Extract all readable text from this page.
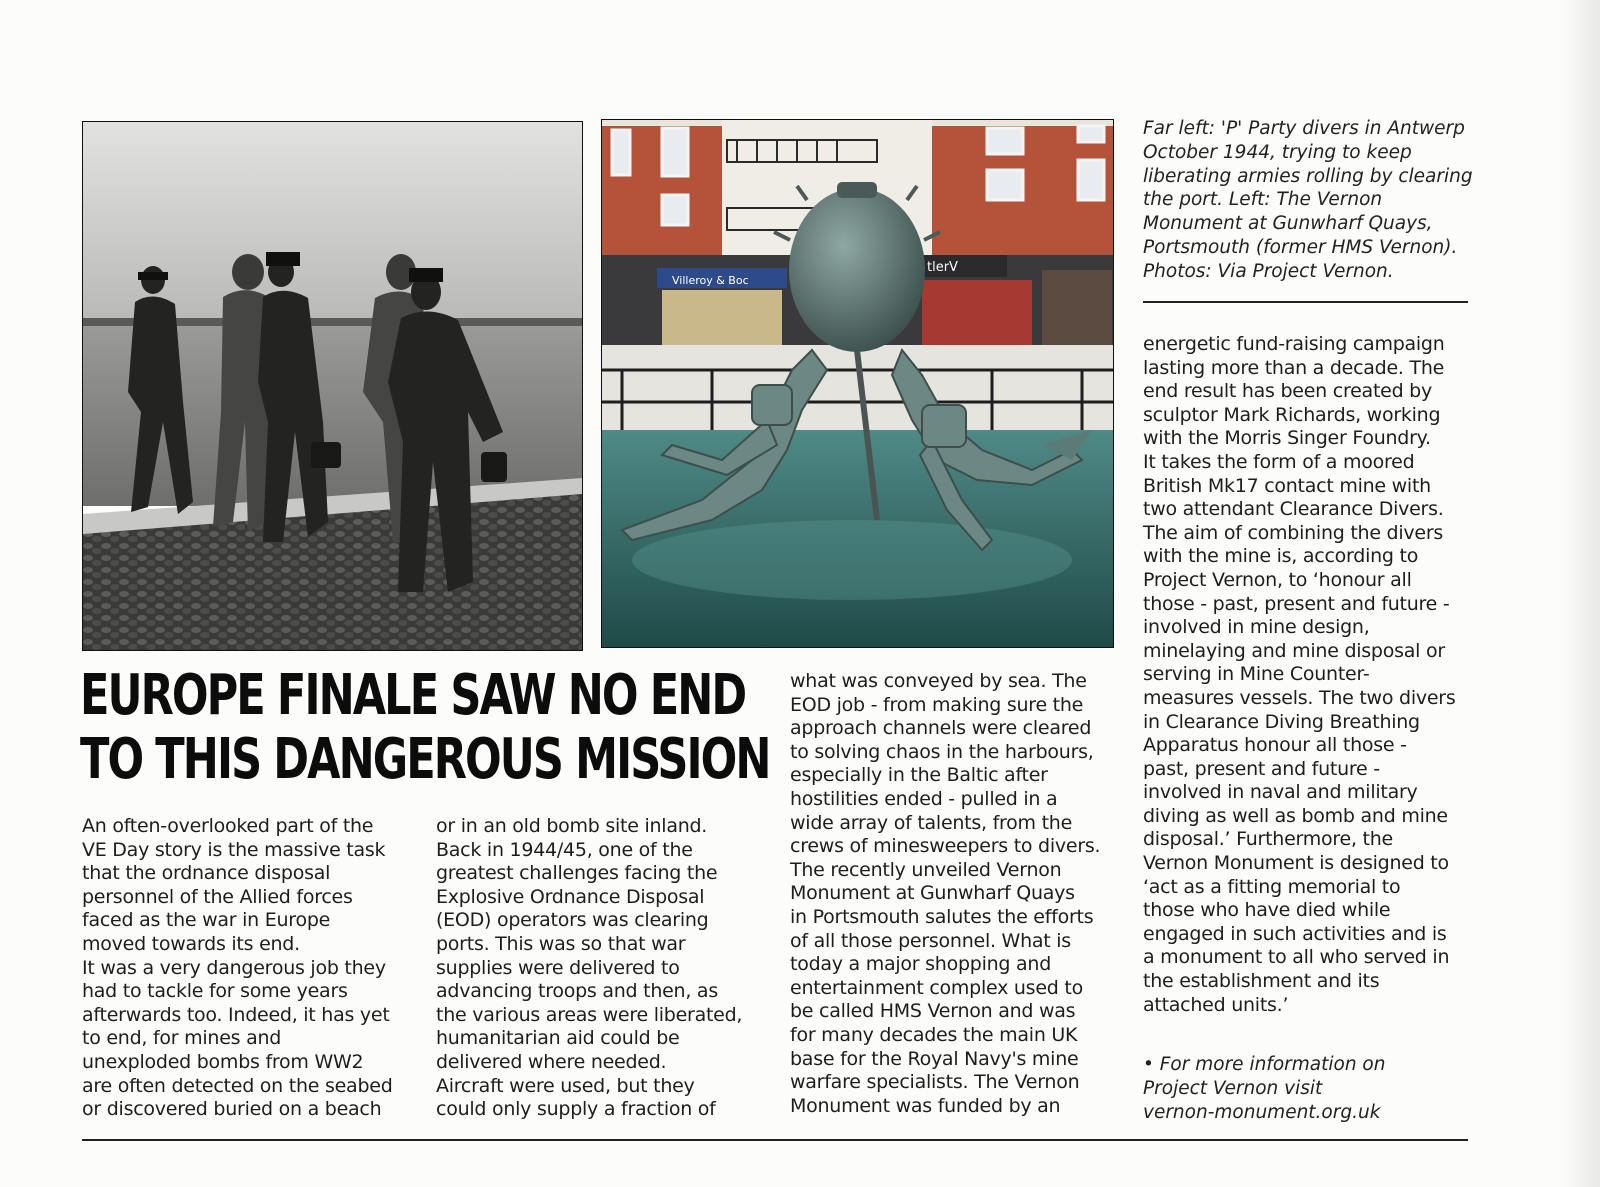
Villeroy & Boc
tlerV
Far left: 'P' Party divers in Antwerp October 1944, trying to keep liberating armies rolling by clearing the port. Left: The Vernon Monument at Gunwharf Quays, Portsmouth (former HMS Vernon). Photos: Via Project Vernon.
EUROPE FINALE SAW NO END
TO THIS DANGEROUS MISSION
An often-overlooked part of the
VE Day story is the massive task
that the ordnance disposal
personnel of the Allied forces
faced as the war in Europe
moved towards its end.
It was a very dangerous job they
had to tackle for some years
afterwards too. Indeed, it has yet
to end, for mines and
unexploded bombs from WW2
are often detected on the seabed
or discovered buried on a beach
or in an old bomb site inland.
Back in 1944/45, one of the
greatest challenges facing the
Explosive Ordnance Disposal
(EOD) operators was clearing
ports. This was so that war
supplies were delivered to
advancing troops and then, as
the various areas were liberated,
humanitarian aid could be
delivered where needed.
Aircraft were used, but they
could only supply a fraction of
what was conveyed by sea. The
EOD job - from making sure the
approach channels were cleared
to solving chaos in the harbours,
especially in the Baltic after
hostilities ended - pulled in a
wide array of talents, from the
crews of minesweepers to divers.
The recently unveiled Vernon
Monument at Gunwharf Quays
in Portsmouth salutes the efforts
of all those personnel. What is
today a major shopping and
entertainment complex used to
be called HMS Vernon and was
for many decades the main UK
base for the Royal Navy's mine
warfare specialists. The Vernon
Monument was funded by an
energetic fund-raising campaign
lasting more than a decade. The
end result has been created by
sculptor Mark Richards, working
with the Morris Singer Foundry.
It takes the form of a moored
British Mk17 contact mine with
two attendant Clearance Divers.
The aim of combining the divers
with the mine is, according to
Project Vernon, to ‘honour all
those - past, present and future -
involved in mine design,
minelaying and mine disposal or
serving in Mine Counter-
measures vessels. The two divers
in Clearance Diving Breathing
Apparatus honour all those -
past, present and future -
involved in naval and military
diving as well as bomb and mine
disposal.’ Furthermore, the
Vernon Monument is designed to
‘act as a fitting memorial to
those who have died while
engaged in such activities and is
a monument to all who served in
the establishment and its
attached units.’
• For more information on
Project Vernon visit
vernon-monument.org.uk
